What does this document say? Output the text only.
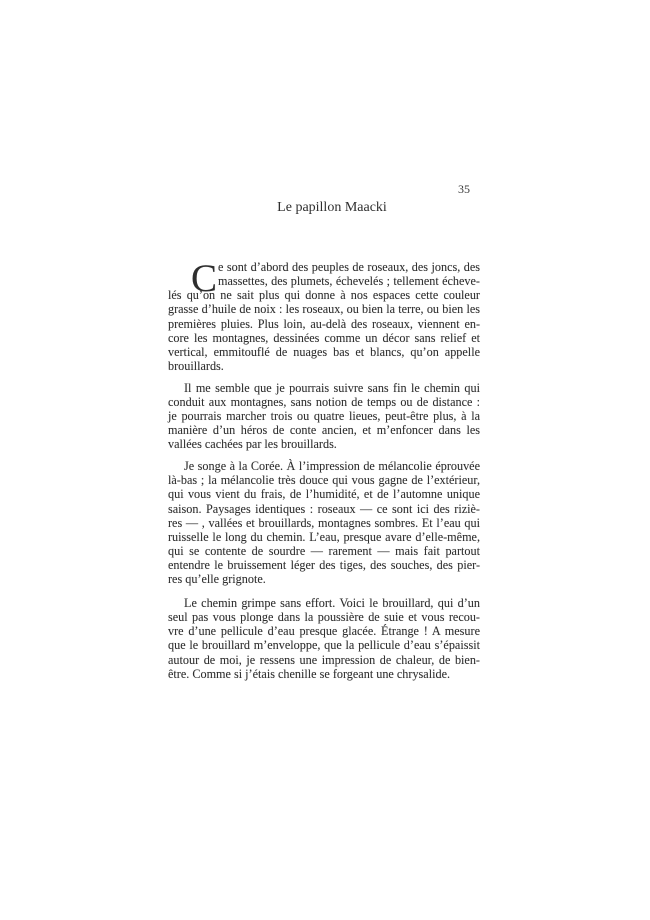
35
Le papillon Maacki
C e sont d’abord des peuples de roseaux, des joncs, des
massettes, des plumets, échevelés ; tellement écheve-
lés qu’on ne sait plus qui donne à nos espaces cette couleur
grasse d’huile de noix : les roseaux, ou bien la terre, ou bien les
premières pluies. Plus loin, au-delà des roseaux, viennent en-
core les montagnes, dessinées comme un décor sans relief et
vertical, emmitouflé de nuages bas et blancs, qu’on appelle
brouillards.
Il me semble que je pourrais suivre sans fin le chemin qui
conduit aux montagnes, sans notion de temps ou de distance :
je pourrais marcher trois ou quatre lieues, peut-être plus, à la
manière d’un héros de conte ancien, et m’enfoncer dans les
vallées cachées par les brouillards.
Je songe à la Corée. À l’impression de mélancolie éprouvée
là-bas ; la mélancolie très douce qui vous gagne de l’extérieur,
qui vous vient du frais, de l’humidité, et de l’automne unique
saison. Paysages identiques : roseaux — ce sont ici des riziè-
res — , vallées et brouillards, montagnes sombres. Et l’eau qui
ruisselle le long du chemin. L’eau, presque avare d’elle-même,
qui se contente de sourdre — rarement — mais fait partout
entendre le bruissement léger des tiges, des souches, des pier-
res qu’elle grignote.
Le chemin grimpe sans effort. Voici le brouillard, qui d’un
seul pas vous plonge dans la poussière de suie et vous recou-
vre d’une pellicule d’eau presque glacée. Étrange ! A mesure
que le brouillard m’enveloppe, que la pellicule d’eau s’épaissit
autour de moi, je ressens une impression de chaleur, de bien-
être. Comme si j’étais chenille se forgeant une chrysalide.
